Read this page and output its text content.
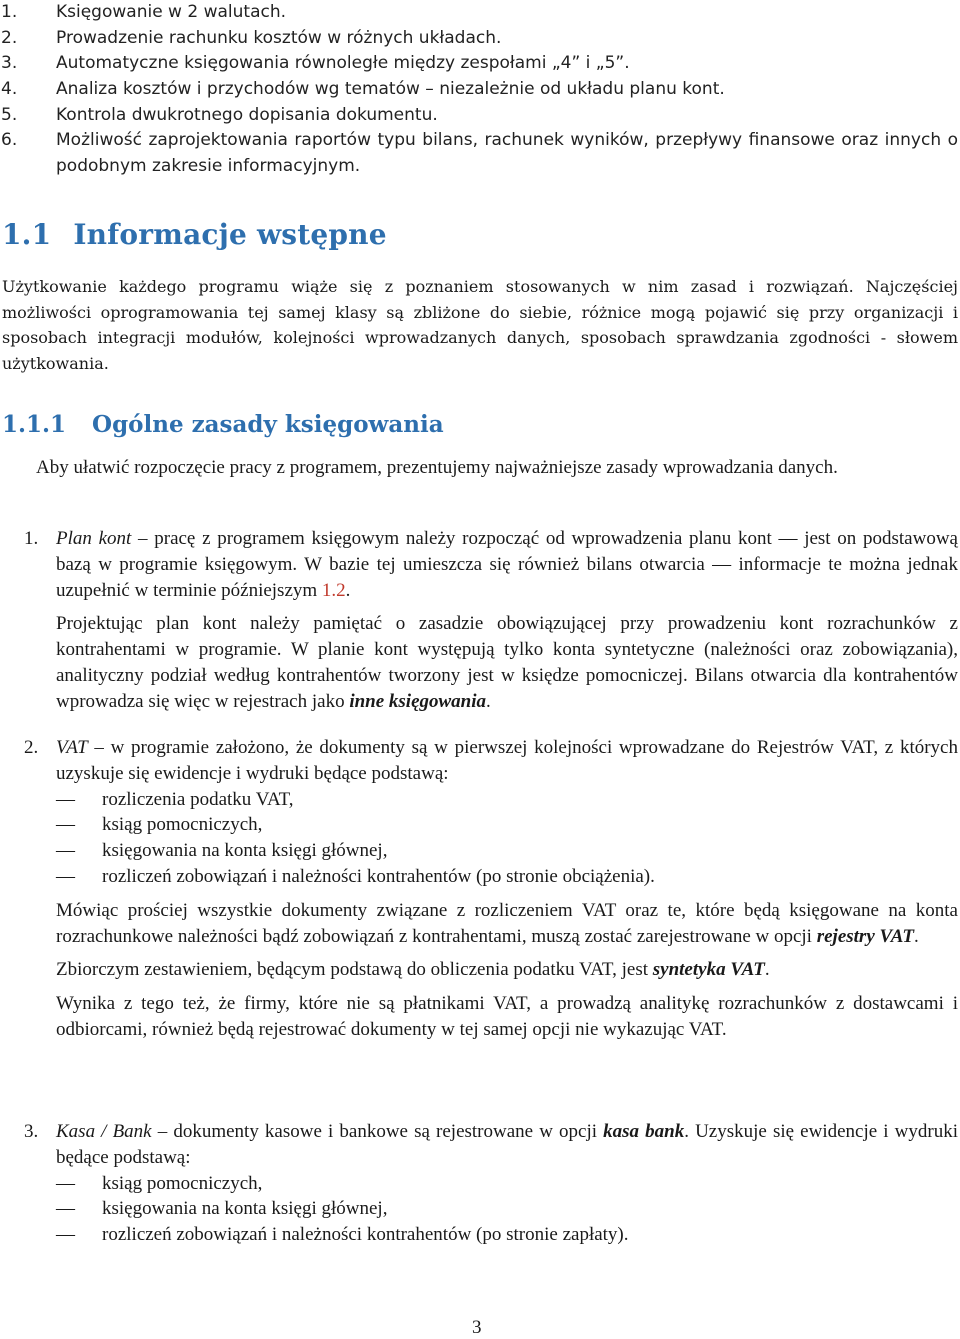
1.	Księgowanie w 2 walutach.
2.	Prowadzenie rachunku kosztów w różnych układach.
3.	Automatyczne księgowania równoległe między zespołami „4” i „5”.
4.	Analiza kosztów i przychodów wg tematów – niezależnie od układu planu kont.
5.	Kontrola dwukrotnego dopisania dokumentu.
6.	Możliwość zaprojektowania raportów typu bilans, rachunek wyników, przepływy finansowe oraz innych o podobnym zakresie informacyjnym.
1.1 Informacje wstępne
Użytkowanie każdego programu wiąże się z poznaniem stosowanych w nim zasad i rozwiązań. Najczęściej możliwości oprogramowania tej samej klasy są zbliżone do siebie, różnice mogą pojawić się przy organizacji i sposobach integracji modułów, kolejności wprowadzanych danych, sposobach sprawdzania zgodności - słowem użytkowania.
1.1.1 Ogólne zasady księgowania
Aby ułatwić rozpoczęcie pracy z programem, prezentujemy najważniejsze zasady wprowadzania danych.
1. Plan kont – pracę z programem księgowym należy rozpocząć od wprowadzenia planu kont — jest on podstawową bazą w programie księgowym. W bazie tej umieszcza się również bilans otwarcia — informacje te można jednak uzupełnić w terminie późniejszym 1.2.

Projektując plan kont należy pamiętać o zasadzie obowiązującej przy prowadzeniu kont rozrachunków z kontrahentami w programie. W planie kont występują tylko konta syntetyczne (należności oraz zobowiązania), analityczny podział według kontrahentów tworzony jest w księdze pomocniczej. Bilans otwarcia dla kontrahentów wprowadza się więc w rejestrach jako inne księgowania.

2. VAT – w programie założono, że dokumenty są w pierwszej kolejności wprowadzane do Rejestrów VAT, z których uzyskuje się ewidencje i wydruki będące podstawą:

—	rozliczenia podatku VAT,
—	ksiąg pomocniczych,
—	księgowania na konta księgi głównej,
—	rozliczeń zobowiązań i należności kontrahentów (po stronie obciążenia).

Mówiąc prościej wszystkie dokumenty związane z rozliczeniem VAT oraz te, które będą księgowane na konta rozrachunkowe należności bądź zobowiązań z kontrahentami, muszą zostać zarejestrowane w opcji rejestry VAT.

Zbiorczym zestawieniem, będącym podstawą do obliczenia podatku VAT, jest syntetyka VAT.

Wynika z tego też, że firmy, które nie są płatnikami VAT, a prowadzą analitykę rozrachunków z dostawcami i odbiorcami, również będą rejestrować dokumenty w tej samej opcji nie wykazując VAT.

3. Kasa / Bank – dokumenty kasowe i bankowe są rejestrowane w opcji kasa bank. Uzyskuje się ewidencje i wydruki będące podstawą:

—	ksiąg pomocniczych,
—	księgowania na konta księgi głównej,
—	rozliczeń zobowiązań i należności kontrahentów (po stronie zapłaty).
3
